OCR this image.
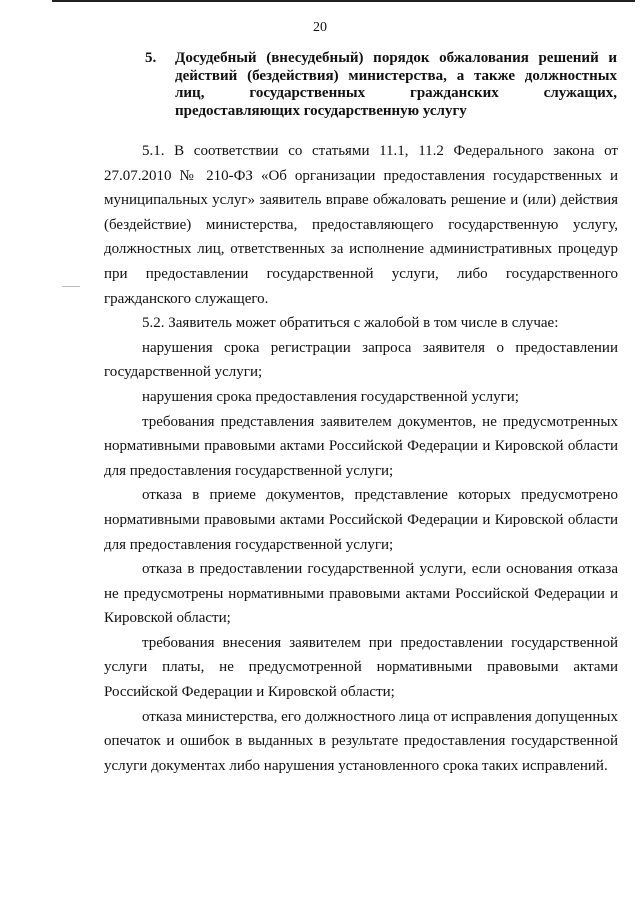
20
5. Досудебный (внесудебный) порядок обжалования решений и действий (бездействия) министерства, а также должностных лиц, государственных гражданских служащих, предоставляющих государственную услугу

5.1. В соответствии со статьями 11.1, 11.2 Федерального закона от 27.07.2010 № 210-ФЗ «Об организации предоставления государственных и муниципальных услуг» заявитель вправе обжаловать решение и (или) действия (бездействие) министерства, предоставляющего государственную услугу, должностных лиц, ответственных за исполнение административных процедур при предоставлении государственной услуги, либо государственного гражданского служащего.

5.2. Заявитель может обратиться с жалобой в том числе в случае:

нарушения срока регистрации запроса заявителя о предоставлении государственной услуги;

нарушения срока предоставления государственной услуги;

требования представления заявителем документов, не предусмотренных нормативными правовыми актами Российской Федерации и Кировской области для предоставления государственной услуги;

отказа в приеме документов, представление которых предусмотрено нормативными правовыми актами Российской Федерации и Кировской области для предоставления государственной услуги;

отказа в предоставлении государственной услуги, если основания отказа не предусмотрены нормативными правовыми актами Российской Федерации и Кировской области;

требования внесения заявителем при предоставлении государственной услуги платы, не предусмотренной нормативными правовыми актами Российской Федерации и Кировской области;

отказа министерства, его должностного лица от исправления допущенных опечаток и ошибок в выданных в результате предоставления государственной услуги документах либо нарушения установленного срока таких исправлений.
